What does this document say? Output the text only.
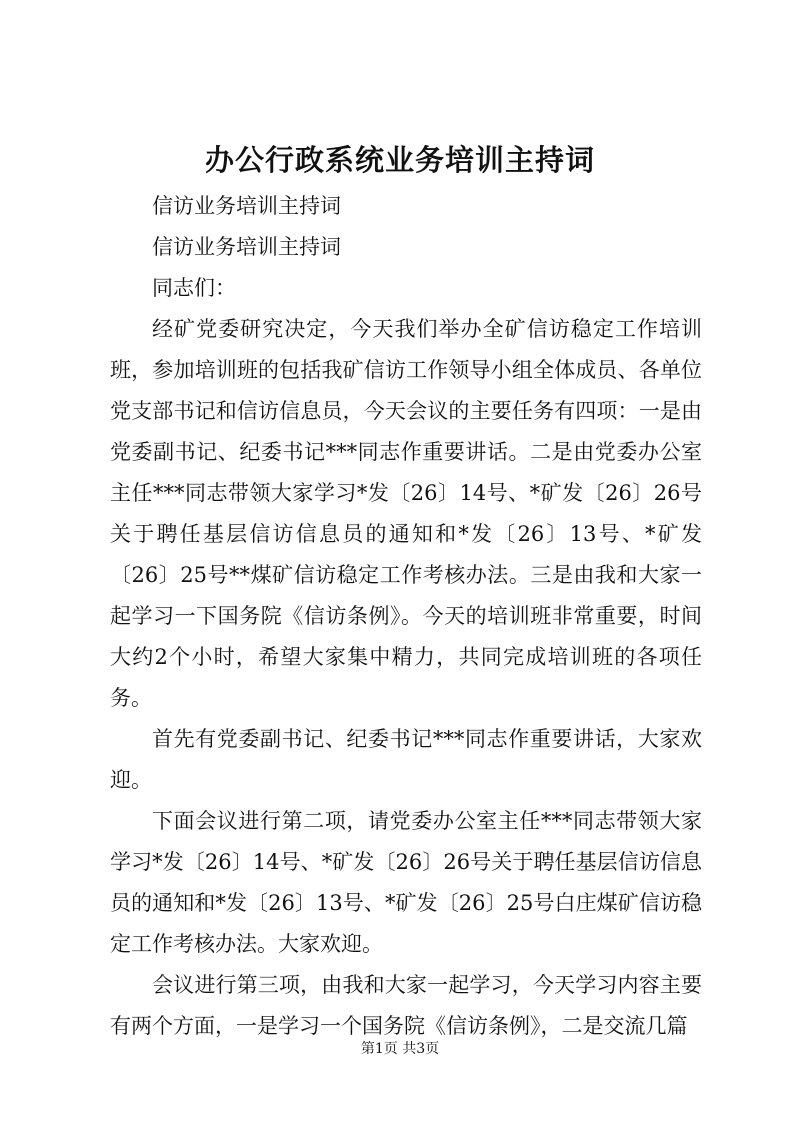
办公行政系统业务培训主持词

信访业务培训主持词

信访业务培训主持词

同志们：

经矿党委研究决定，今天我们举办全矿信访稳定工作培训班，参加培训班的包括我矿信访工作领导小组全体成员、各单位党支部书记和信访信息员，今天会议的主要任务有四项：一是由党委副书记、纪委书记***同志作重要讲话。二是由党委办公室主任***同志带领大家学习*发〔26〕14号、*矿发〔26〕26号关于聘任基层信访信息员的通知和*发〔26〕13号、*矿发〔26〕25号**煤矿信访稳定工作考核办法。三是由我和大家一起学习一下国务院《信访条例》。今天的培训班非常重要，时间大约2个小时，希望大家集中精力，共同完成培训班的各项任务。

首先有党委副书记、纪委书记***同志作重要讲话，大家欢迎。

下面会议进行第二项，请党委办公室主任***同志带领大家学习*发〔26〕14号、*矿发〔26〕26号关于聘任基层信访信息员的通知和*发〔26〕13号、*矿发〔26〕25号白庄煤矿信访稳定工作考核办法。大家欢迎。

会议进行第三项，由我和大家一起学习，今天学习内容主要有两个方面，一是学习一个国务院《信访条例》，二是交流几篇

第1页 共3页
